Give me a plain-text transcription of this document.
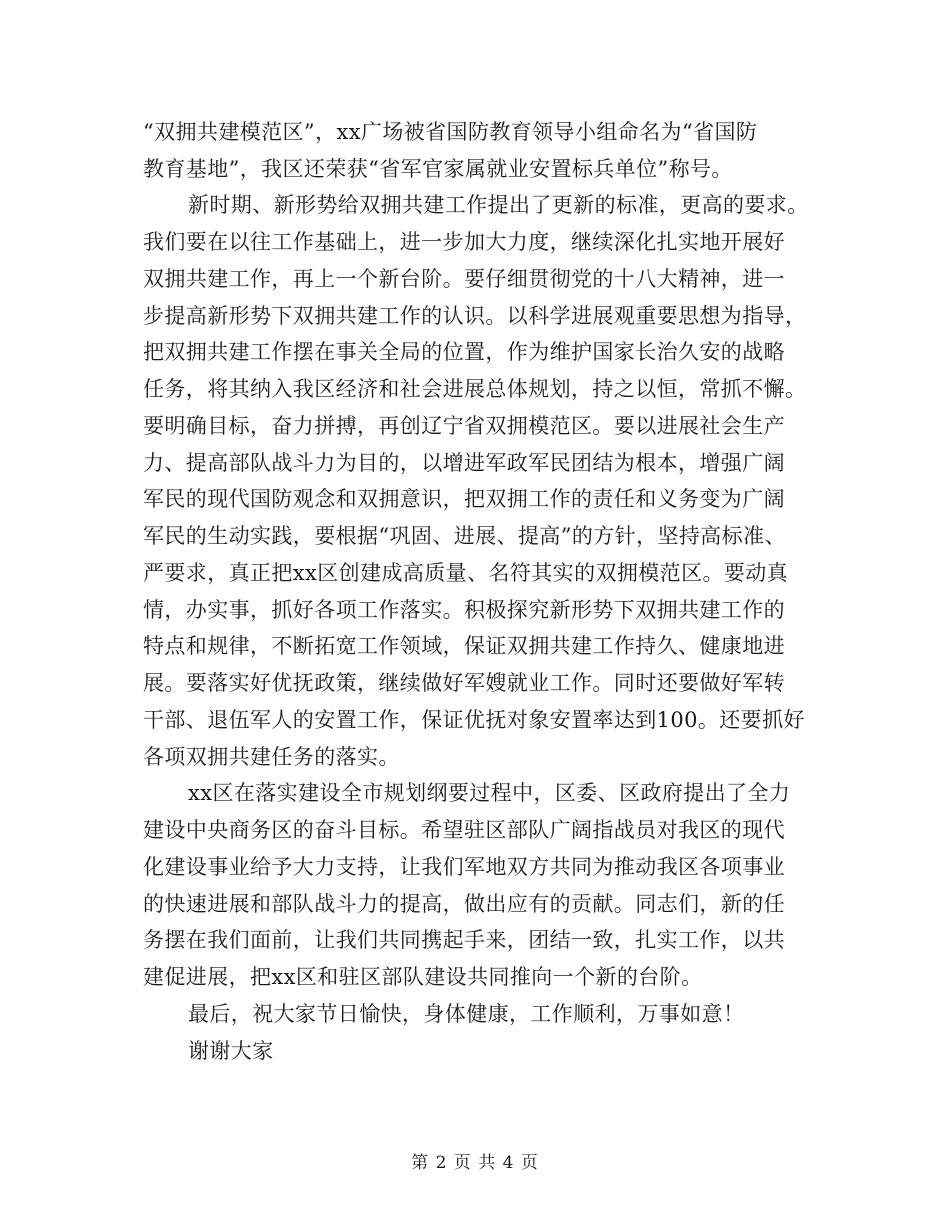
“双拥共建模范区”，xx广场被省国防教育领导小组命名为“省国防
教育基地”，我区还荣获“省军官家属就业安置标兵单位”称号。
新时期、新形势给双拥共建工作提出了更新的标准，更高的要求。
我们要在以往工作基础上，进一步加大力度，继续深化扎实地开展好
双拥共建工作，再上一个新台阶。要仔细贯彻党的十八大精神，进一
步提高新形势下双拥共建工作的认识。以科学进展观重要思想为指导，
把双拥共建工作摆在事关全局的位置，作为维护国家长治久安的战略
任务，将其纳入我区经济和社会进展总体规划，持之以恒，常抓不懈。
要明确目标，奋力拼搏，再创辽宁省双拥模范区。要以进展社会生产
力、提高部队战斗力为目的，以增进军政军民团结为根本，增强广阔
军民的现代国防观念和双拥意识，把双拥工作的责任和义务变为广阔
军民的生动实践，要根据“巩固、进展、提高”的方针，坚持高标准、
严要求，真正把xx区创建成高质量、名符其实的双拥模范区。要动真
情，办实事，抓好各项工作落实。积极探究新形势下双拥共建工作的
特点和规律，不断拓宽工作领域，保证双拥共建工作持久、健康地进
展。要落实好优抚政策，继续做好军嫂就业工作。同时还要做好军转
干部、退伍军人的安置工作，保证优抚对象安置率达到100。还要抓好
各项双拥共建任务的落实。
xx区在落实建设全市规划纲要过程中，区委、区政府提出了全力
建设中央商务区的奋斗目标。希望驻区部队广阔指战员对我区的现代
化建设事业给予大力支持，让我们军地双方共同为推动我区各项事业
的快速进展和部队战斗力的提高，做出应有的贡献。同志们，新的任
务摆在我们面前，让我们共同携起手来，团结一致，扎实工作，以共
建促进展，把xx区和驻区部队建设共同推向一个新的台阶。
最后，祝大家节日愉快，身体健康，工作顺利，万事如意！
谢谢大家
第 2 页 共 4 页
